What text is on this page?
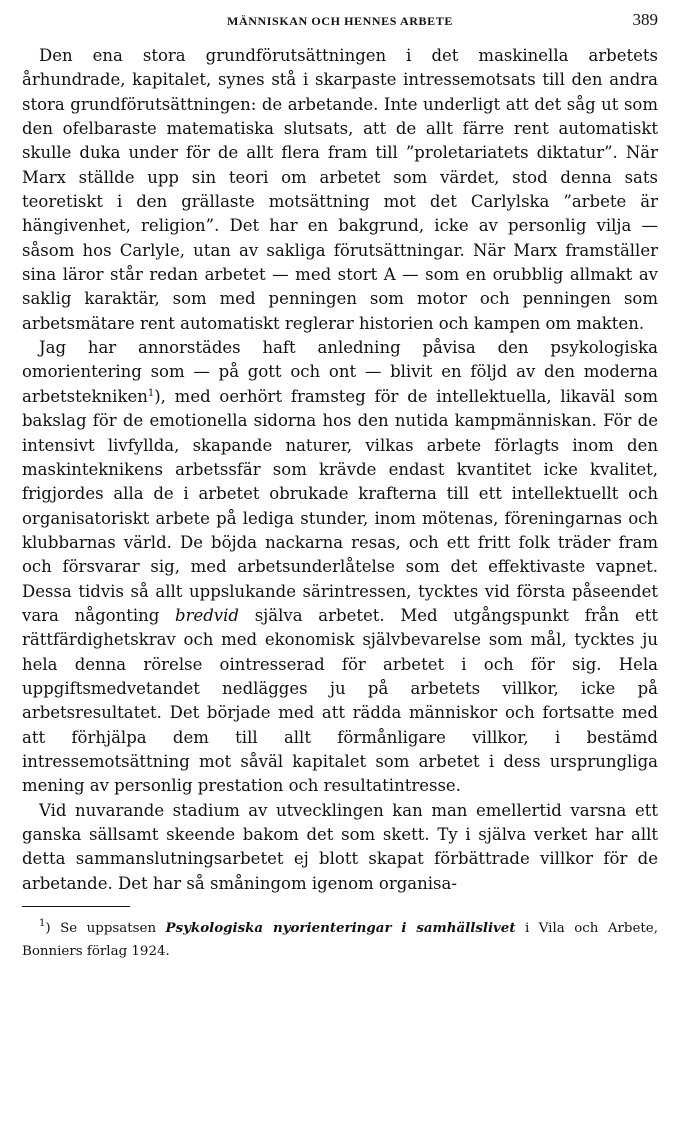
MÄNNISKAN OCH HENNES ARBETE	389

Den ena stora grundförutsättningen i det maskinella arbetets århundrade, kapitalet, synes stå i skarpaste intressemotsats till den andra stora grundförutsättningen: de arbetande. Inte underligt att det såg ut som den ofelbaraste matematiska slutsats, att de allt färre rent automatiskt skulle duka under för de allt flera fram till ”proletariatets diktatur”. När Marx ställde upp sin teori om arbetet som värdet, stod denna sats teoretiskt i den grällaste motsättning mot det Carlylska ”arbete är hängivenhet, religion”. Det har en bakgrund, icke av personlig vilja — såsom hos Carlyle, utan av sakliga förutsättningar. När Marx framställer sina läror står redan arbetet — med stort A — som en orubblig allmakt av saklig karaktär, som med penningen som motor och penningen som arbetsmätare rent automatiskt reglerar historien och kampen om makten.

Jag har annorstädes haft anledning påvisa den psykologiska omorientering som — på gott och ont — blivit en följd av den moderna arbetstekniken$^1$), med oerhört framsteg för de intellektuella, likaväl som bakslag för de emotionella sidorna hos den nutida kampmänniskan. För de intensivt livfyllda, skapande naturer, vilkas arbete förlagts inom den maskinteknikens arbetssfär som krävde endast kvantitet icke kvalitet, frigjordes alla de i arbetet obrukade krafterna till ett intellektuellt och organisatoriskt arbete på lediga stunder, inom mötenas, föreningarnas och klubbarnas värld. De böjda nackarna resas, och ett fritt folk träder fram och försvarar sig, med arbetsunderlåtelse som det effektivaste vapnet. Dessa tidvis så allt uppslukande särintressen, tycktes vid första påseendet vara någonting bredvid själva arbetet. Med utgångspunkt från ett rättfärdighetskrav och med ekonomisk självbevarelse som mål, tycktes ju hela denna rörelse ointresserad för arbetet i och för sig. Hela uppgiftsmedvetandet nedlägges ju på arbetets villkor, icke på arbetsresultatet. Det började med att rädda människor och fortsatte med att förhjälpa dem till allt förmånligare villkor, i bestämd intressemotsättning mot såväl kapitalet som arbetet i dess ursprungliga mening av personlig prestation och resultatintresse.

Vid nuvarande stadium av utvecklingen kan man emellertid varsna ett ganska sällsamt skeende bakom det som skett. Ty i själva verket har allt detta sammanslutningsarbetet ej blott skapat förbättrade villkor för de arbetande. Det har så småningom igenom organisa-

$^1$) Se uppsatsen Psykologiska nyorienteringar i samhällslivet i Vila och Arbete, Bonniers förlag 1924.
